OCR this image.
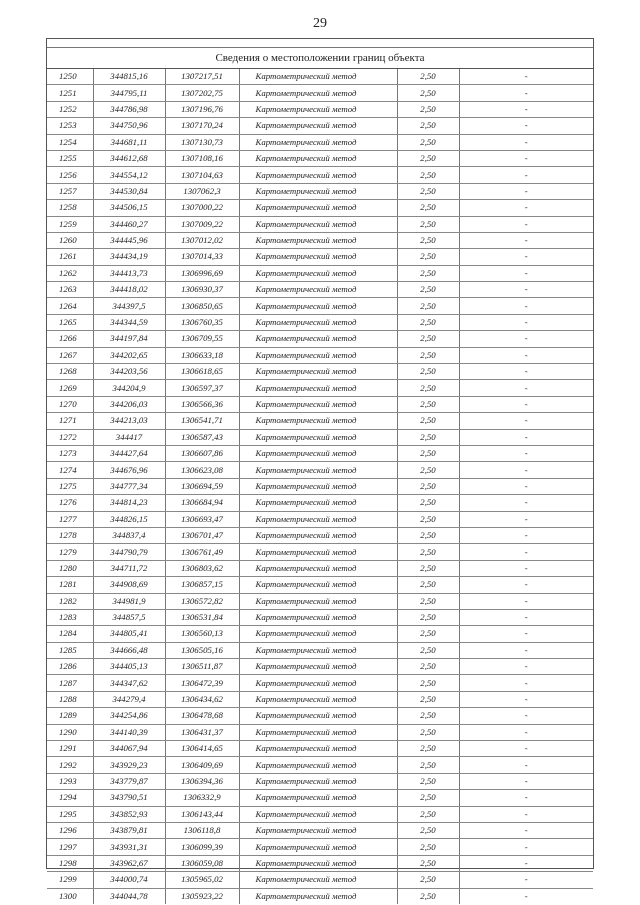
29
Сведения о местоположении границ объекта
1250	344815,16	1307217,51	Картометрический метод	2,50	-
1251	344795,11	1307202,75	Картометрический метод	2,50	-
1252	344786,98	1307196,76	Картометрический метод	2,50	-
1253	344750,96	1307170,24	Картометрический метод	2,50	-
1254	344681,11	1307130,73	Картометрический метод	2,50	-
1255	344612,68	1307108,16	Картометрический метод	2,50	-
1256	344554,12	1307104,63	Картометрический метод	2,50	-
1257	344530,84	1307062,3	Картометрический метод	2,50	-
1258	344506,15	1307000,22	Картометрический метод	2,50	-
1259	344460,27	1307009,22	Картометрический метод	2,50	-
1260	344445,96	1307012,02	Картометрический метод	2,50	-
1261	344434,19	1307014,33	Картометрический метод	2,50	-
1262	344413,73	1306996,69	Картометрический метод	2,50	-
1263	344418,02	1306930,37	Картометрический метод	2,50	-
1264	344397,5	1306850,65	Картометрический метод	2,50	-
1265	344344,59	1306760,35	Картометрический метод	2,50	-
1266	344197,84	1306709,55	Картометрический метод	2,50	-
1267	344202,65	1306633,18	Картометрический метод	2,50	-
1268	344203,56	1306618,65	Картометрический метод	2,50	-
1269	344204,9	1306597,37	Картометрический метод	2,50	-
1270	344206,03	1306566,36	Картометрический метод	2,50	-
1271	344213,03	1306541,71	Картометрический метод	2,50	-
1272	344417	1306587,43	Картометрический метод	2,50	-
1273	344427,64	1306607,86	Картометрический метод	2,50	-
1274	344676,96	1306623,08	Картометрический метод	2,50	-
1275	344777,34	1306694,59	Картометрический метод	2,50	-
1276	344814,23	1306684,94	Картометрический метод	2,50	-
1277	344826,15	1306693,47	Картометрический метод	2,50	-
1278	344837,4	1306701,47	Картометрический метод	2,50	-
1279	344790,79	1306761,49	Картометрический метод	2,50	-
1280	344711,72	1306803,62	Картометрический метод	2,50	-
1281	344908,69	1306857,15	Картометрический метод	2,50	-
1282	344981,9	1306572,82	Картометрический метод	2,50	-
1283	344857,5	1306531,84	Картометрический метод	2,50	-
1284	344805,41	1306560,13	Картометрический метод	2,50	-
1285	344666,48	1306505,16	Картометрический метод	2,50	-
1286	344405,13	1306511,87	Картометрический метод	2,50	-
1287	344347,62	1306472,39	Картометрический метод	2,50	-
1288	344279,4	1306434,62	Картометрический метод	2,50	-
1289	344254,86	1306478,68	Картометрический метод	2,50	-
1290	344140,39	1306431,37	Картометрический метод	2,50	-
1291	344067,94	1306414,65	Картометрический метод	2,50	-
1292	343929,23	1306409,69	Картометрический метод	2,50	-
1293	343779,87	1306394,36	Картометрический метод	2,50	-
1294	343790,51	1306332,9	Картометрический метод	2,50	-
1295	343852,93	1306143,44	Картометрический метод	2,50	-
1296	343879,81	1306118,8	Картометрический метод	2,50	-
1297	343931,31	1306099,39	Картометрический метод	2,50	-
1298	343962,67	1306059,08	Картометрический метод	2,50	-
1299	344000,74	1305965,02	Картометрический метод	2,50	-
1300	344044,78	1305923,22	Картометрический метод	2,50	-
